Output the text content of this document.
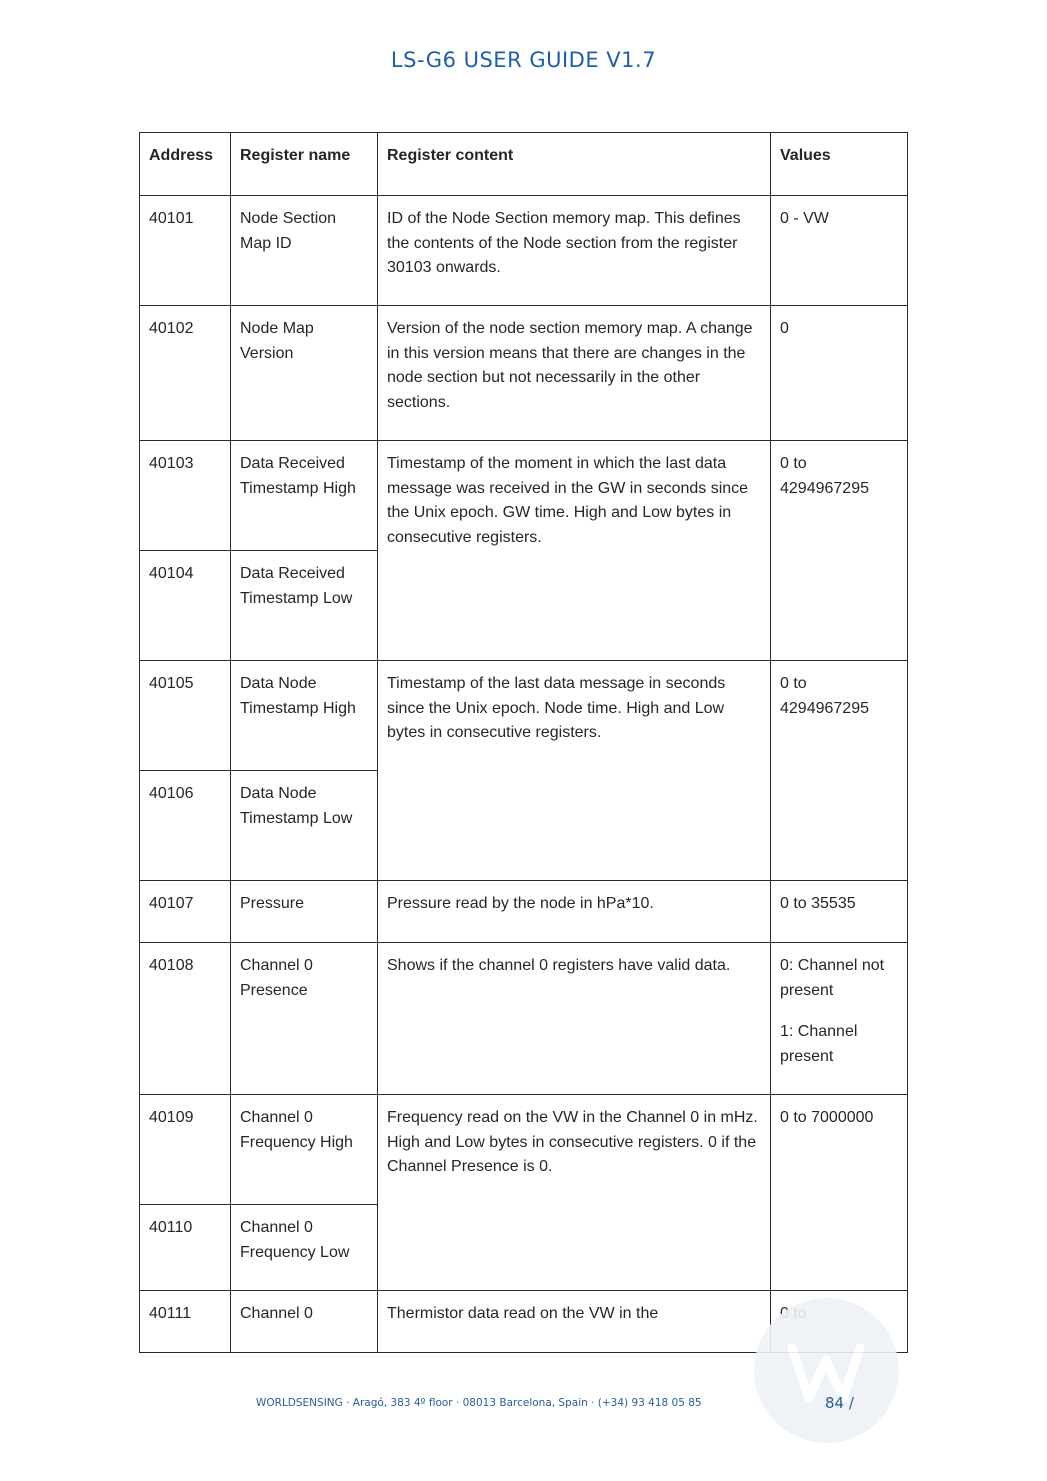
LS-G6 USER GUIDE V1.7
Address	Register name	Register content	Values
40101	Node Section Map ID	ID of the Node Section memory map. This defines the contents of the Node section from the register 30103 onwards.	0 - VW

40102	Node Map Version	Version of the node section memory map. A change in this version means that there are changes in the node section but not necessarily in the other sections.	0

40103	Data Received Timestamp High	Timestamp of the moment in which the last data message was received in the GW in seconds since the Unix epoch. GW time. High and Low bytes in consecutive registers.	0 to 4294967295

40104	Data Received Timestamp Low		
40105	Data Node Timestamp High	Timestamp of the last data message in seconds since the Unix epoch. Node time. High and Low bytes in consecutive registers.	0 to 4294967295

40106	Data Node Timestamp Low		
40107	Pressure	Pressure read by the node in hPa*10.	0 to 35535

40108	Channel 0 Presence	Shows if the channel 0 registers have valid data.	0: Channel not present
1: Channel present

40109	Channel 0 Frequency High	Frequency read on the VW in the Channel 0 in mHz. High and Low bytes in consecutive registers. 0 if the Channel Presence is 0.	0 to 7000000

40110	Channel 0 Frequency Low		
40111	Channel 0	Thermistor data read on the VW in the	
WORLDSENSING · Aragó, 383 4º floor · 08013 Barcelona, Spain · (+34) 93 418 05 85	84 /
